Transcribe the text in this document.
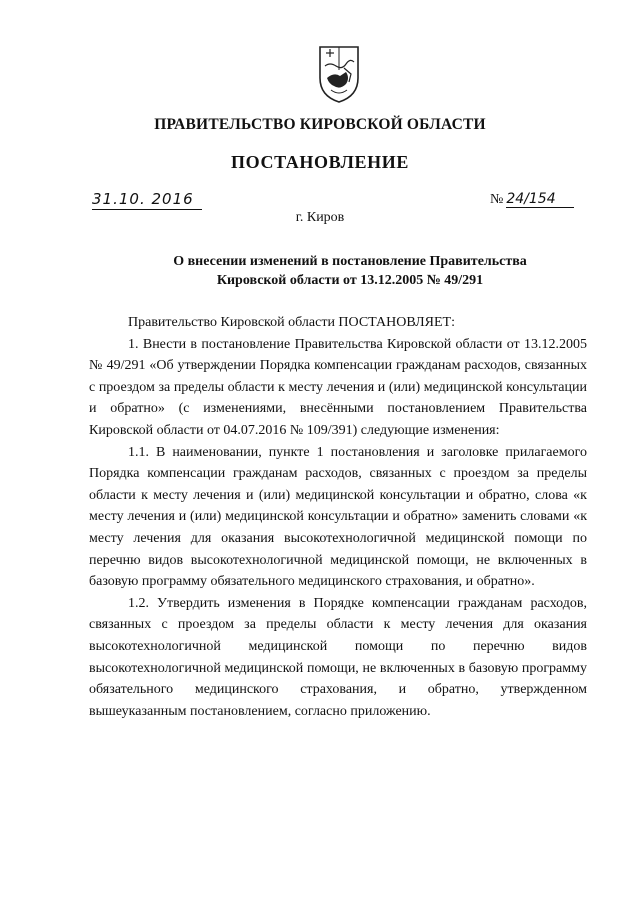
ПРАВИТЕЛЬСТВО КИРОВСКОЙ ОБЛАСТИ
ПОСТАНОВЛЕНИЕ
31.10. 2016	№ 24/154
г. Киров
О внесении изменений в постановление Правительства
Кировской области от 13.12.2005 № 49/291

Правительство Кировской области ПОСТАНОВЛЯЕТ:

1. Внести в постановление Правительства Кировской области от 13.12.2005 № 49/291 «Об утверждении Порядка компенсации гражданам расходов, связанных с проездом за пределы области к месту лечения и (или) медицинской консультации и обратно» (с изменениями, внесёнными постановлением Правительства Кировской области от 04.07.2016 № 109/391) следующие изменения:

1.1. В наименовании, пункте 1 постановления и заголовке прилагаемого Порядка компенсации гражданам расходов, связанных с проездом за пределы области к месту лечения и (или) медицинской консультации и обратно, слова «к месту лечения и (или) медицинской консультации и обратно» заменить словами «к месту лечения для оказания высокотехнологичной медицинской помощи по перечню видов высокотехнологичной медицинской помощи, не включенных в базовую программу обязательного медицинского страхования, и обратно».

1.2. Утвердить изменения в Порядке компенсации гражданам расходов, связанных с проездом за пределы области к месту лечения для оказания высокотехнологичной медицинской помощи по перечню видов высокотехнологичной медицинской помощи, не включенных в базовую программу обязательного медицинского страхования, и обратно, утвержденном вышеуказанным постановлением, согласно приложению.
